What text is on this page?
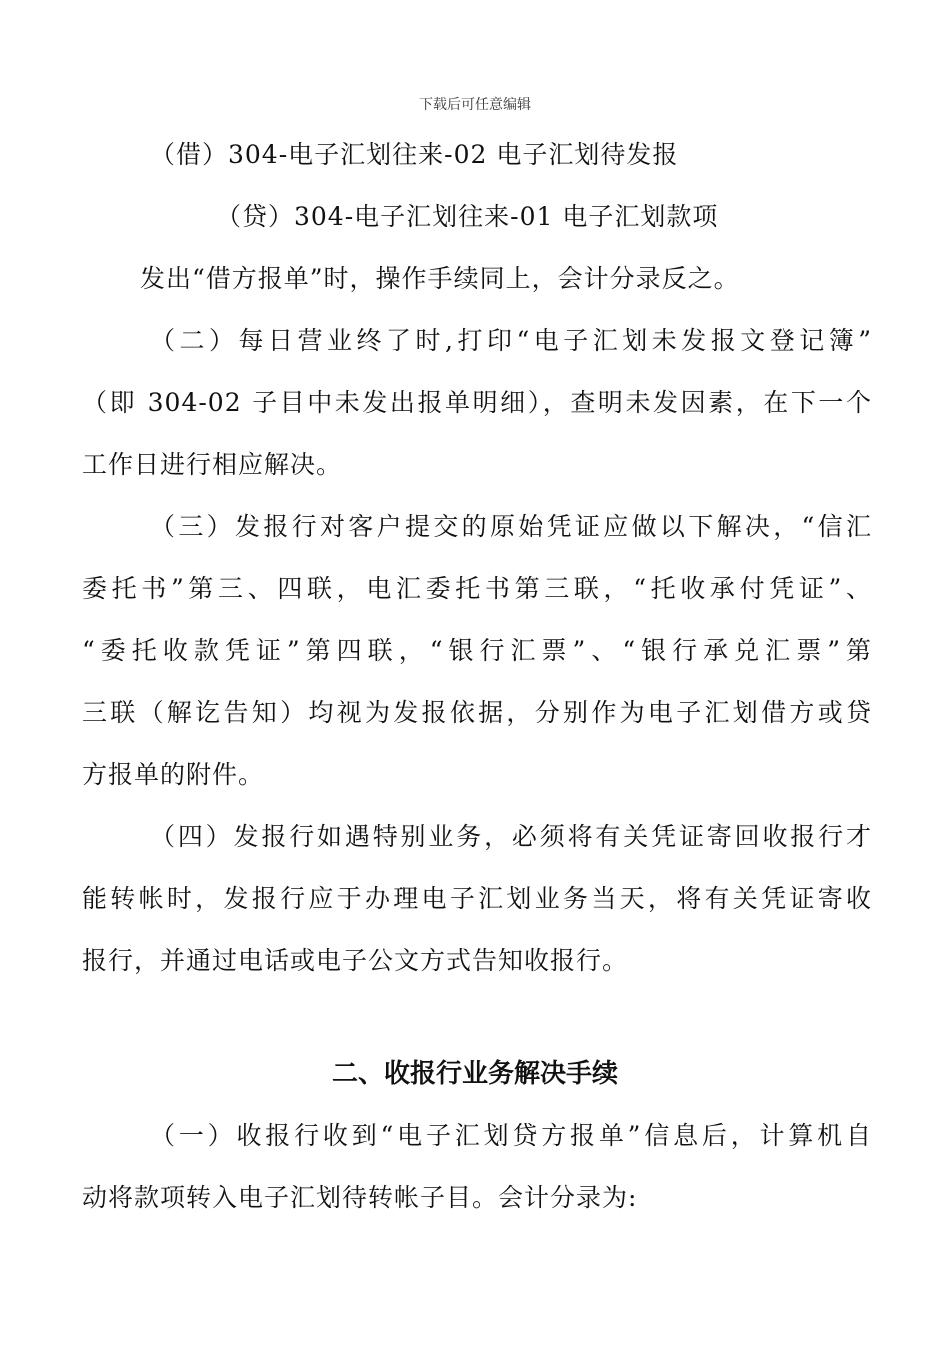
下载后可任意编辑
（借）304-电子汇划往来-02 电子汇划待发报
（贷）304-电子汇划往来-01 电子汇划款项
发出“借方报单”时，操作手续同上，会计分录反之。
（二）每日营业终了时,打印“电子汇划未发报文登记簿”
（即 304-02 子目中未发出报单明细），查明未发因素，在下一个
工作日进行相应解决。
（三）发报行对客户提交的原始凭证应做以下解决，“信汇
委托书”第三、四联，电汇委托书第三联，“托收承付凭证”、
“委托收款凭证”第四联，“银行汇票”、“银行承兑汇票”第
三联（解讫告知）均视为发报依据，分别作为电子汇划借方或贷
方报单的附件。
（四）发报行如遇特别业务，必须将有关凭证寄回收报行才
能转帐时，发报行应于办理电子汇划业务当天，将有关凭证寄收
报行，并通过电话或电子公文方式告知收报行。
二、收报行业务解决手续
（一）收报行收到“电子汇划贷方报单”信息后，计算机自
动将款项转入电子汇划待转帐子目。会计分录为:
